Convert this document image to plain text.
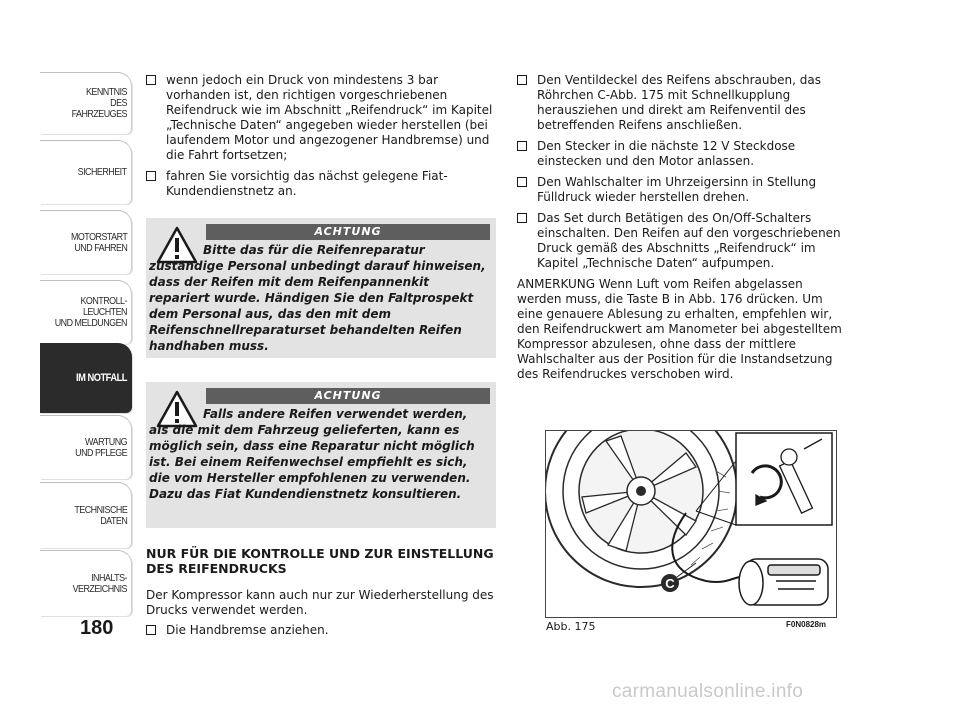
KENNTNIS
DES FAHRZEUGES
SICHERHEIT
MOTORSTART
UND FAHREN
KONTROLL-
LEUCHTEN
UND MELDUNGEN
IM NOTFALL
WARTUNG
UND PFLEGE
TECHNISCHE
DATEN
INHALTS-
VERZEICHNIS
180

wenn jedoch ein Druck von mindestens 3 bar vorhanden ist, den richtigen vorgeschriebenen Reifendruck wie im Abschnitt „Reifendruck“ im Kapitel „Technische Daten“ angegeben wieder herstellen (bei laufendem Motor und angezogener Handbremse) und die Fahrt fortsetzen;

fahren Sie vorsichtig das nächst gelegene Fiat-Kundendienstnetz an.

ACHTUNG
Bitte das für die Reifenreparatur zuständige Personal unbedingt darauf hinweisen, dass der Reifen mit dem Reifenpannenkit repariert wurde. Händigen Sie den Faltprospekt dem Personal aus, das den mit dem Reifenschnellreparaturset behandelten Reifen handhaben muss.
ACHTUNG
Falls andere Reifen verwendet werden, als die mit dem Fahrzeug gelieferten, kann es möglich sein, dass eine Reparatur nicht möglich ist. Bei einem Reifenwechsel empfiehlt es sich, die vom Hersteller empfohlenen zu verwenden. Dazu das Fiat Kundendienstnetz konsultieren.
NUR FÜR DIE KONTROLLE UND ZUR EINSTELLUNG DES REIFENDRUCKS

Der Kompressor kann auch nur zur Wiederherstellung des Drucks verwendet werden.

Die Handbremse anziehen.

Den Ventildeckel des Reifens abschrauben, das Röhrchen C-Abb. 175 mit Schnellkupplung herausziehen und direkt am Reifenventil des betreffenden Reifens anschließen.

Den Stecker in die nächste 12 V Steckdose einstecken und den Motor anlassen.

Den Wahlschalter im Uhrzeigersinn in Stellung Fülldruck wieder herstellen drehen.

Das Set durch Betätigen des On/Off-Schalters einschalten. Den Reifen auf den vorgeschriebenen Druck gemäß des Abschnitts „Reifendruck“ im Kapitel „Technische Daten“ aufpumpen.

ANMERKUNG Wenn Luft vom Reifen abgelassen werden muss, die Taste B in Abb. 176 drücken. Um eine genauere Ablesung zu erhalten, empfehlen wir, den Reifendruckwert am Manometer bei abgestelltem Kompressor abzulesen, ohne dass der mittlere Wahlschalter aus der Position für die Instandsetzung des Reifendruckes verschoben wird.

C
Abb. 175	F0N0828m
carmanualsonline.info
